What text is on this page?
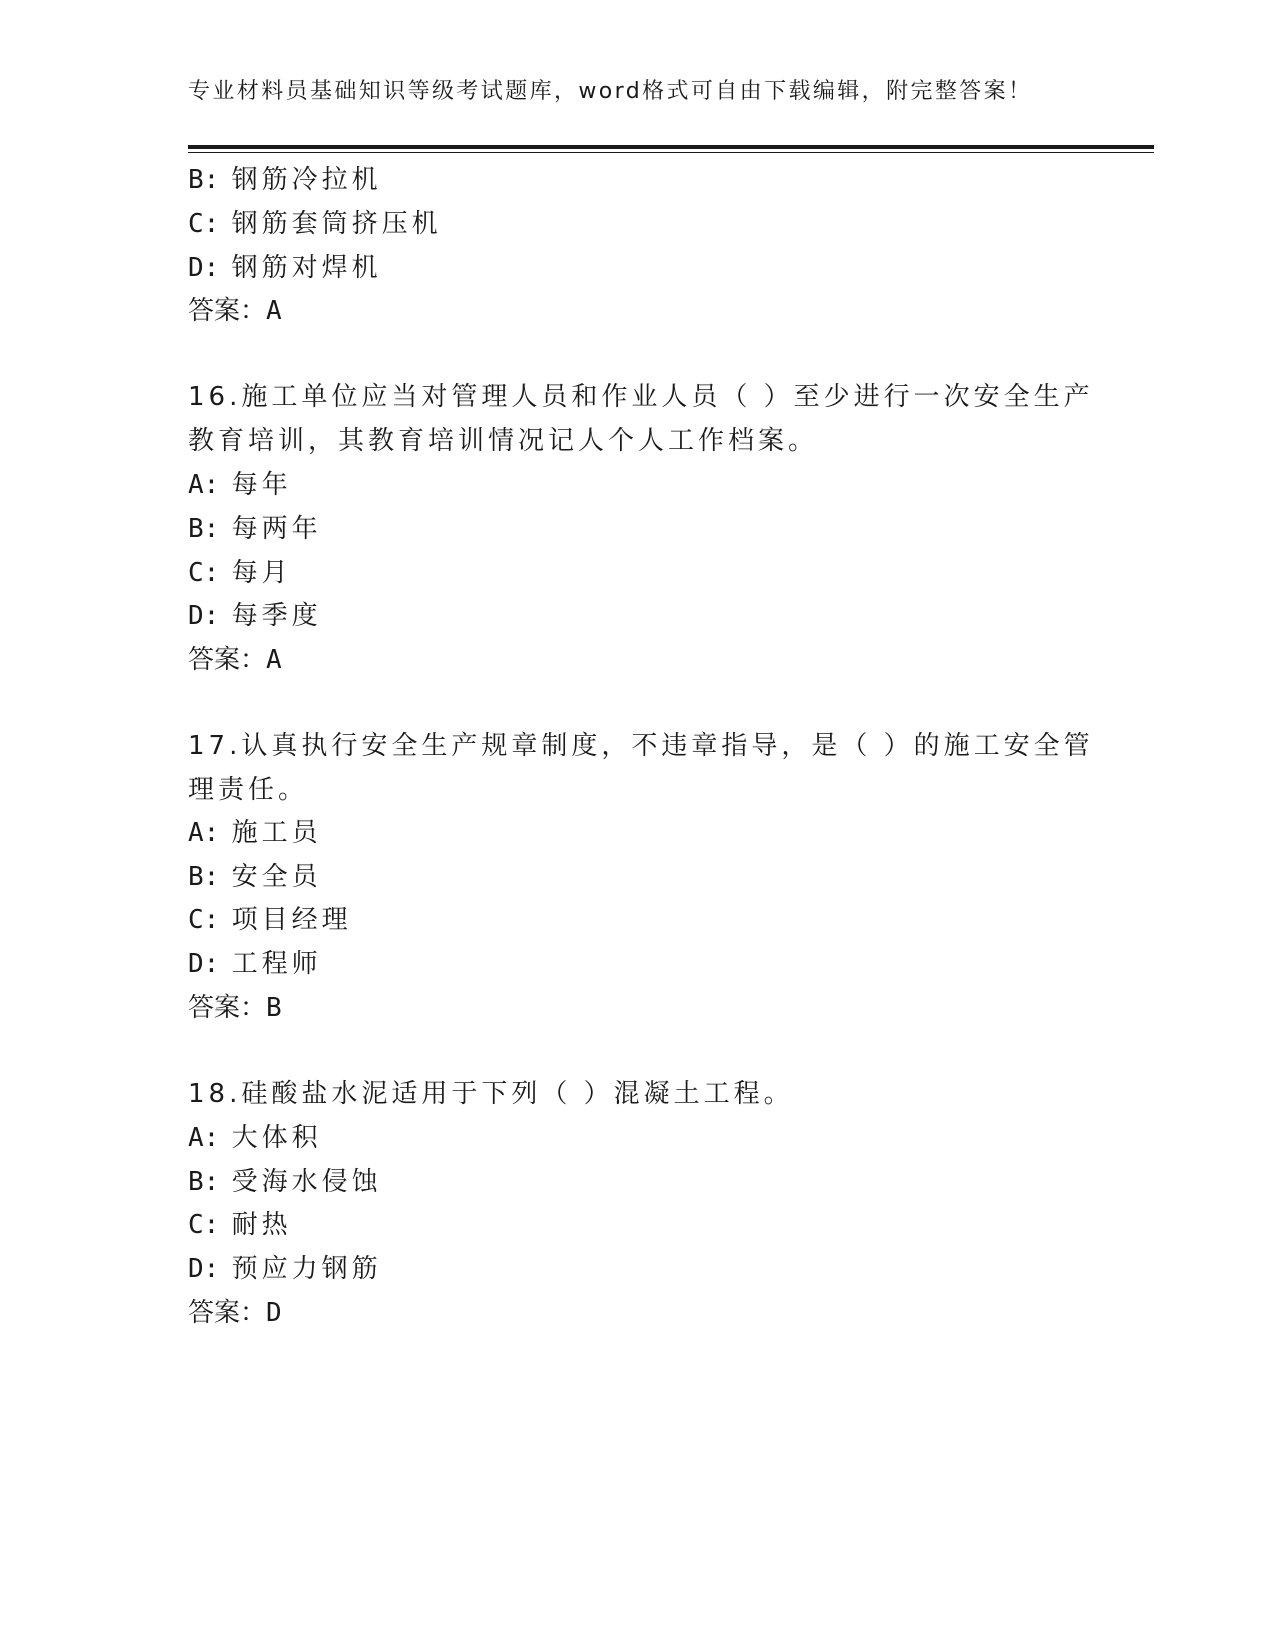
专业材料员基础知识等级考试题库，word格式可自由下载编辑，附完整答案！
B: 钢筋冷拉机
C: 钢筋套筒挤压机
D: 钢筋对焊机
答案：A
16.施工单位应当对管理人员和作业人员（ ）至少进行一次安全生产
教育培训，其教育培训情况记人个人工作档案。
A: 每年
B: 每两年
C: 每月
D: 每季度
答案：A
17.认真执行安全生产规章制度，不违章指导，是（ ）的施工安全管
理责任。
A: 施工员
B: 安全员
C: 项目经理
D: 工程师
答案：B
18.硅酸盐水泥适用于下列（ ）混凝土工程。
A: 大体积
B: 受海水侵蚀
C: 耐热
D: 预应力钢筋
答案：D
